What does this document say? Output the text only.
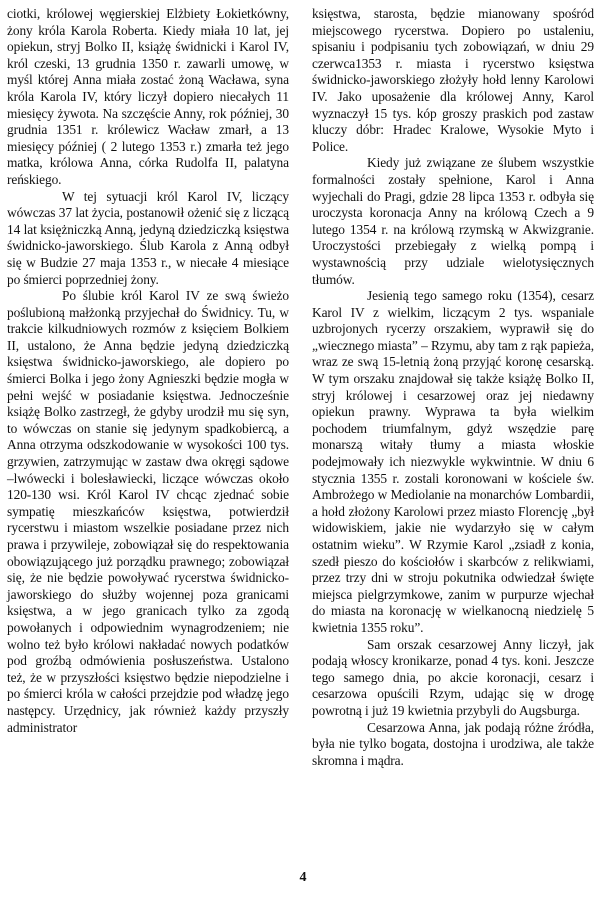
ciotki, królowej węgierskiej Elżbiety Łokietkówny, żony króla Karola Roberta. Kiedy miała 10 lat, jej opiekun, stryj Bolko II, książę świdnicki i Karol IV, król czeski, 13 grudnia 1350 r. zawarli umowę, w myśl której Anna miała zostać żoną Wacława, syna króla Karola IV, który liczył dopiero niecałych 11 miesięcy żywota. Na szczęście Anny, rok później, 30 grudnia 1351 r. królewicz Wacław zmarł, a 13 miesięcy później ( 2 lutego 1353 r.) zmarła też jego matka, królowa Anna, córka Rudolfa II, palatyna reńskiego.

W tej sytuacji król Karol IV, liczący wówczas 37 lat życia, postanowił ożenić się z liczącą 14 lat księżniczką Anną, jedyną dziedziczką księstwa świdnicko-jaworskiego. Ślub Karola z Anną odbył się w Budzie 27 maja 1353 r., w niecałe 4 miesiące po śmierci poprzedniej żony.

Po ślubie król Karol IV ze swą świeżo poślubioną małżonką przyjechał do Świdnicy. Tu, w trakcie kilkudniowych rozmów z księciem Bolkiem II, ustalono, że Anna będzie jedyną dziedziczką księstwa świdnicko-jaworskiego, ale dopiero po śmierci Bolka i jego żony Agnieszki będzie mogła w pełni wejść w posiadanie księstwa. Jednocześnie książę Bolko zastrzegł, że gdyby urodził mu się syn, to wówczas on stanie się jedynym spadkobiercą, a Anna otrzyma odszkodowanie w wysokości 100 tys. grzywien, zatrzymując w zastaw dwa okręgi sądowe –lwówecki i bolesławiecki, liczące wówczas około 120-130 wsi. Król Karol IV chcąc zjednać sobie sympatię mieszkańców księstwa, potwierdził rycerstwu i miastom wszelkie posiadane przez nich prawa i przywileje, zobowiązał się do respektowania obowiązującego już porządku prawnego; zobowiązał się, że nie będzie powoływać rycerstwa świdnicko-jaworskiego do służby wojennej poza granicami księstwa, a w jego granicach tylko za zgodą powołanych i odpowiednim wynagrodzeniem; nie wolno też było królowi nakładać nowych podatków pod groźbą odmówienia posłuszeństwa. Ustalono też, że w przyszłości księstwo będzie niepodzielne i po śmierci króla w całości przejdzie pod władzę jego następcy. Urzędnicy, jak również każdy przyszły administrator

księstwa, starosta, będzie mianowany spośród miejscowego rycerstwa. Dopiero po ustaleniu, spisaniu i podpisaniu tych zobowiązań, w dniu 29 czerwca1353 r. miasta i rycerstwo księstwa świdnicko-jaworskiego złożyły hołd lenny Karolowi IV. Jako uposażenie dla królowej Anny, Karol wyznaczył 15 tys. kóp groszy praskich pod zastaw kluczy dóbr: Hradec Kralowe, Wysokie Myto i Police.

Kiedy już związane ze ślubem wszystkie formalności zostały spełnione, Karol i Anna wyjechali do Pragi, gdzie 28 lipca 1353 r. odbyła się uroczysta koronacja Anny na królową Czech a 9 lutego 1354 r. na królową rzymską w Akwizgranie. Uroczystości przebiegały z wielką pompą i wystawnością przy udziale wielotysięcznych tłumów.

Jesienią tego samego roku (1354), cesarz Karol IV z wielkim, liczącym 2 tys. wspaniale uzbrojonych rycerzy orszakiem, wyprawił się do „wiecznego miasta” – Rzymu, aby tam z rąk papieża, wraz ze swą 15-letnią żoną przyjąć koronę cesarską. W tym orszaku znajdował się także książę Bolko II, stryj królowej i cesarzowej oraz jej niedawny opiekun prawny. Wyprawa ta była wielkim pochodem triumfalnym, gdyż wszędzie parę monarszą witały tłumy a miasta włoskie podejmowały ich niezwykle wykwintnie. W dniu 6 stycznia 1355 r. zostali koronowani w kościele św. Ambrożego w Mediolanie na monarchów Lombardii, a hołd złożony Karolowi przez miasto Florencję „był widowiskiem, jakie nie wydarzyło się w całym ostatnim wieku”. W Rzymie Karol „zsiadł z konia, szedł pieszo do kościołów i skarbców z relikwiami, przez trzy dni w stroju pokutnika odwiedzał święte miejsca pielgrzymkowe, zanim w purpurze wjechał do miasta na koronację w wielkanocną niedzielę 5 kwietnia 1355 roku”.

Sam orszak cesarzowej Anny liczył, jak podają włoscy kronikarze, ponad 4 tys. koni. Jeszcze tego samego dnia, po akcie koronacji, cesarz i cesarzowa opuścili Rzym, udając się w drogę powrotną i już 19 kwietnia przybyli do Augsburga.

Cesarzowa Anna, jak podają różne źródła, była nie tylko bogata, dostojna i urodziwa, ale także skromna i mądra.

4
